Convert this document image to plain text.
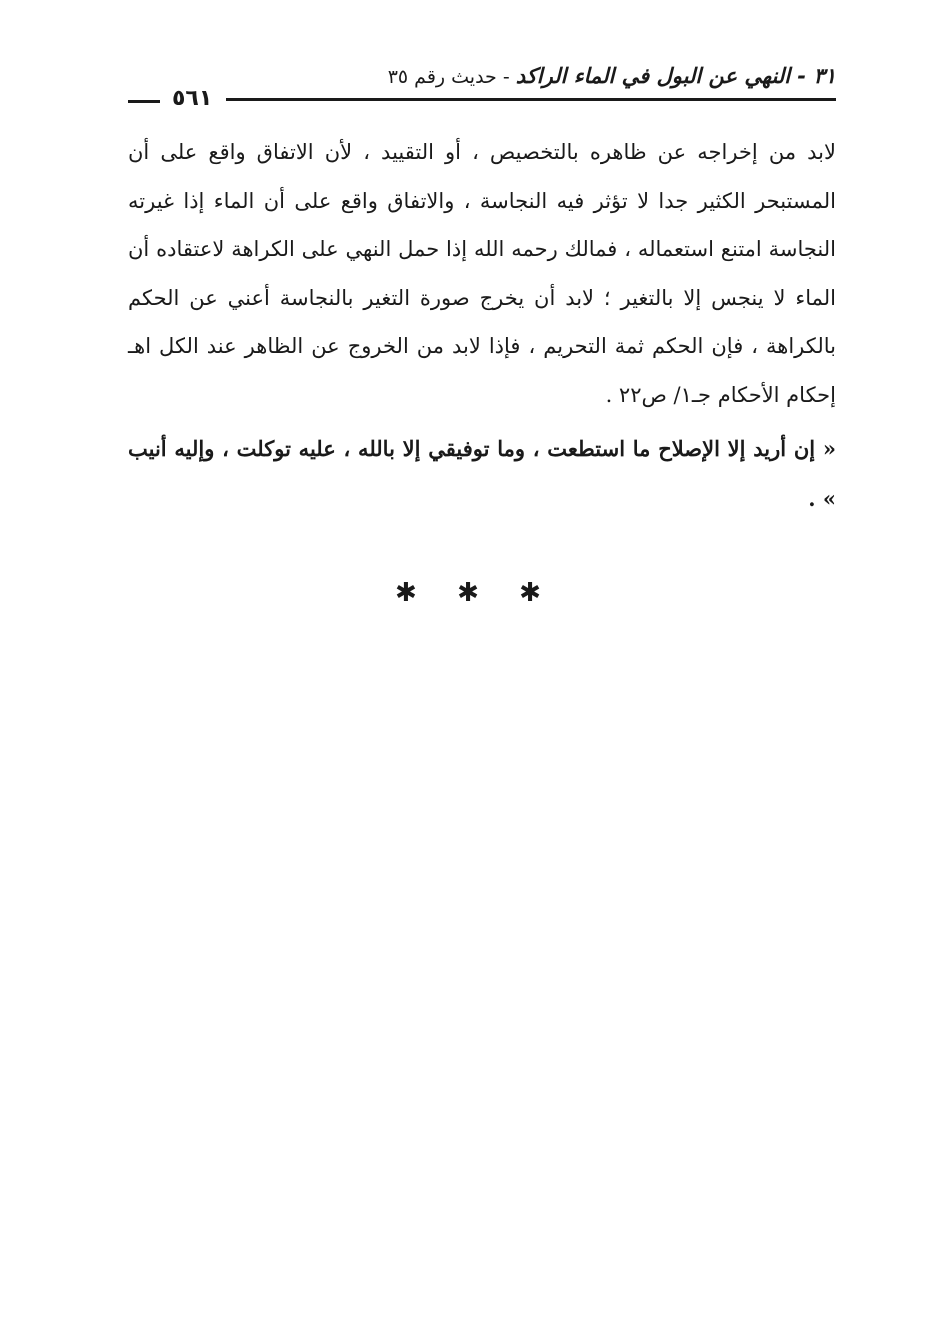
٣١ - النهي عن البول في الماء الراكد - حديث رقم ٣٥
٥٦١

لابد من إخراجه عن ظاهره بالتخصيص ، أو التقييد ، لأن الاتفاق واقع على أن المستبحر الكثير جدا لا تؤثر فيه النجاسة ، والاتفاق واقع على أن الماء إذا غيرته النجاسة امتنع استعماله ، فمالك رحمه الله إذا حمل النهي على الكراهة لاعتقاده أن الماء لا ينجس إلا بالتغير ؛ لابد أن يخرج صورة التغير بالنجاسة أعني عن الحكم بالكراهة ، فإن الحكم ثمة التحريم ، فإذا لابد من الخروج عن الظاهر عند الكل اهـ إحكام الأحكام جـ١/ ص٢٢ .

« إن أريد إلا الإصلاح ما استطعت ، وما توفيقي إلا بالله ، عليه توكلت ، وإليه أنيب » .

✱ ✱ ✱
